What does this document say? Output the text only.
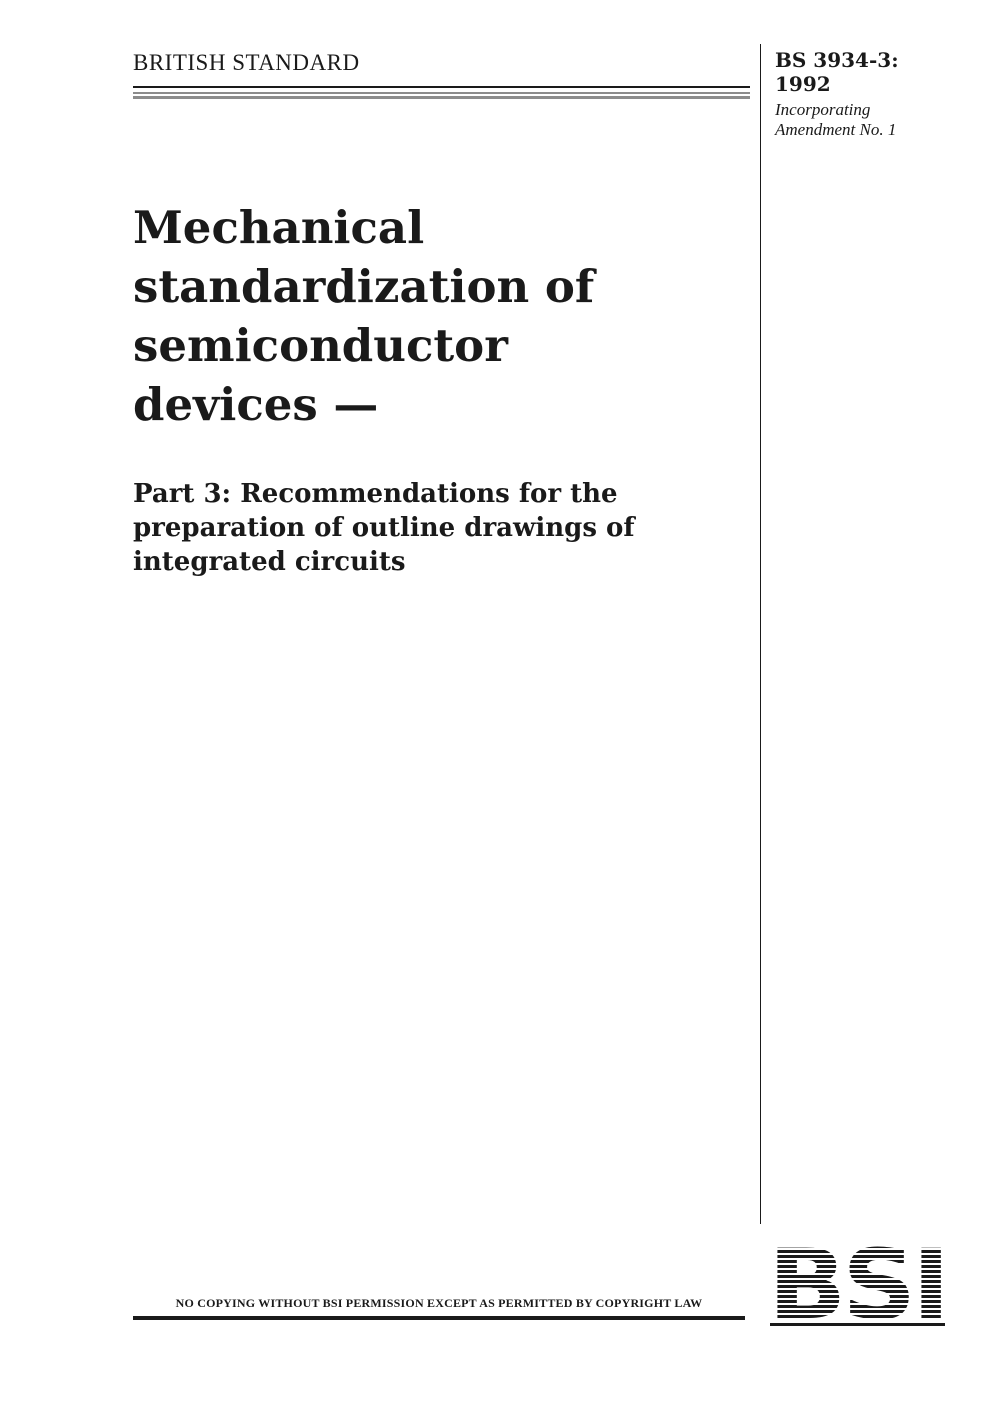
BRITISH STANDARD	BS 3934-3:
1992
Incorporating
Amendment No. 1
Mechanical
standardization of
semiconductor
devices —
Part 3: Recommendations for the
preparation of outline drawings of
integrated circuits
NO COPYING WITHOUT BSI PERMISSION EXCEPT AS PERMITTED BY COPYRIGHT LAW
